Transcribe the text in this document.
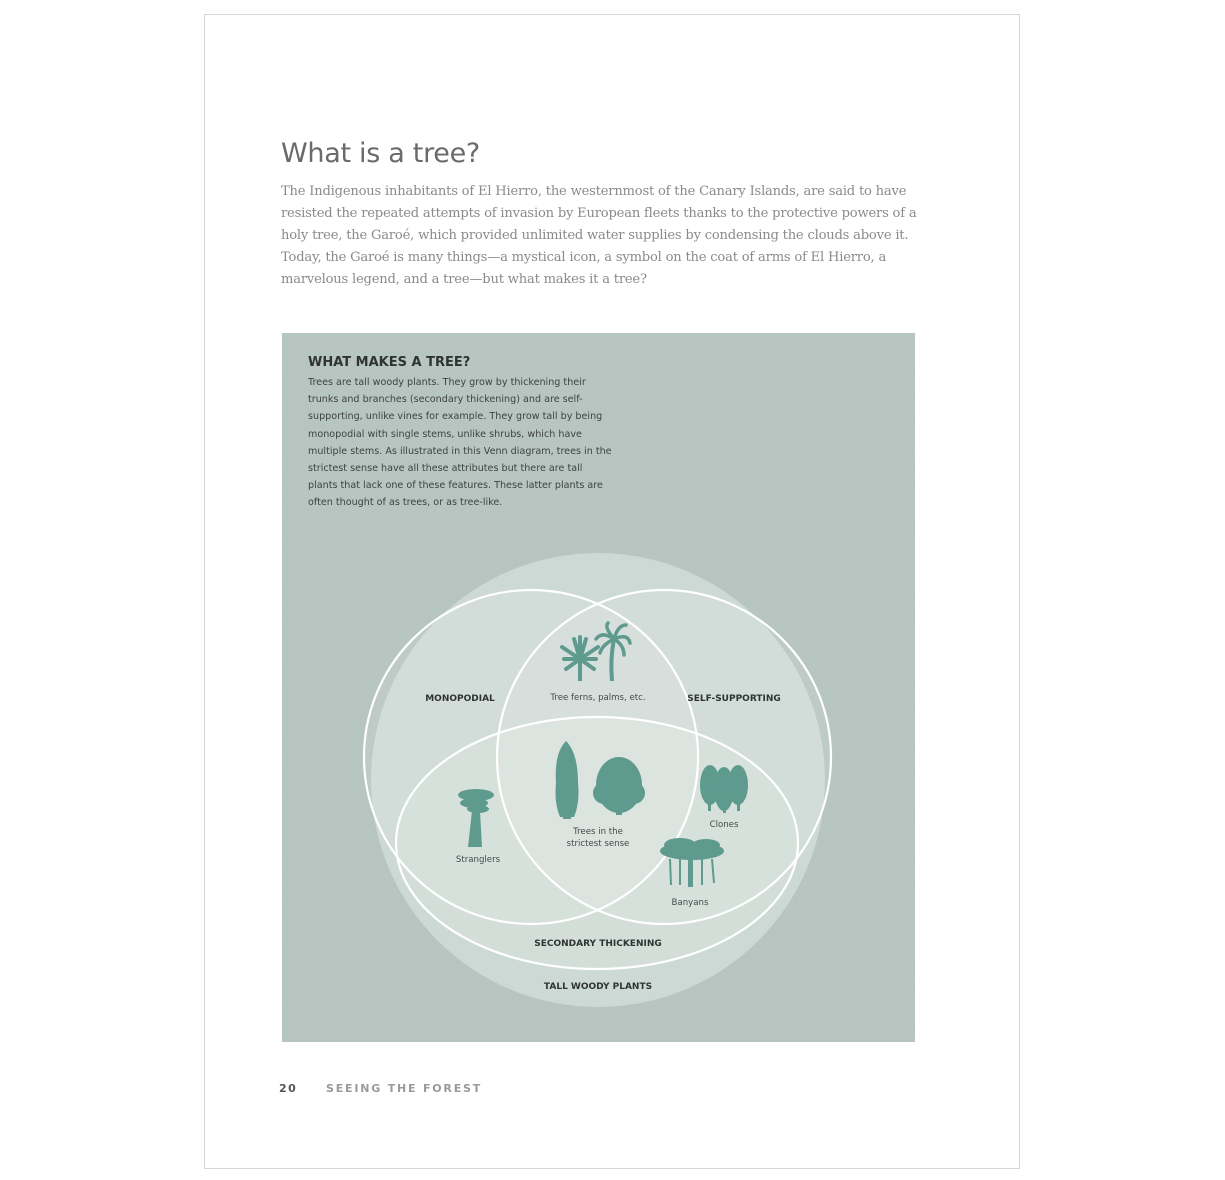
What is a tree?

The Indigenous inhabitants of El Hierro, the westernmost of the Canary Islands, are said to have resisted the repeated attempts of invasion by European fleets thanks to the protective powers of a holy tree, the Garoé, which provided unlimited water supplies by condensing the clouds above it. Today, the Garoé is many things—a mystical icon, a symbol on the coat of arms of El Hierro, a marvelous legend, and a tree—but what makes it a tree?

WHAT MAKES A TREE?

Trees are tall woody plants. They grow by thickening their trunks and branches (secondary thickening) and are self-supporting, unlike vines for example. They grow tall by being monopodial with single stems, unlike shrubs, which have multiple stems. As illustrated in this Venn diagram, trees in the strictest sense have all these attributes but there are tall plants that lack one of these features. These latter plants are often thought of as trees, or as tree-like.

MONOPODIAL	SELF-SUPPORTING
SECONDARY THICKENING
TALL WOODY PLANTS
Tree ferns, palms, etc.
Trees in the
strictest sense
Clones
Stranglers
Banyans

20	SEEING THE FOREST
